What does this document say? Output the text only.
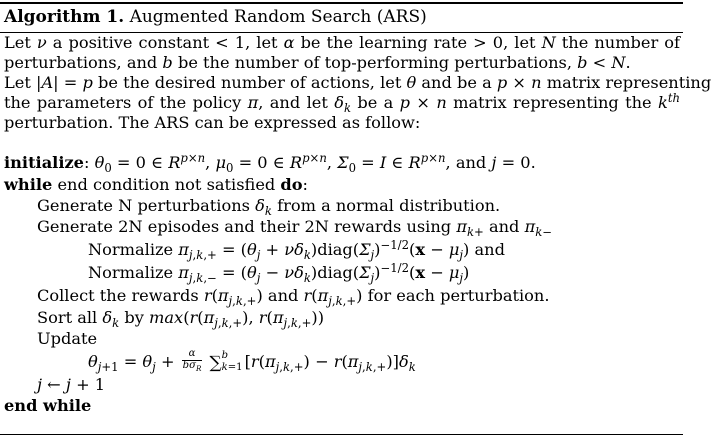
Algorithm 1. Augmented Random Search (ARS)
Let ν a positive constant < 1, let α be the learning rate > 0, let N the number of
perturbations, and b be the number of top-performing perturbations, b < N.
Let |A| = p be the desired number of actions, let θ and be a p × n matrix representing
the parameters of the policy π, and let $\delta_k$ be a p × n matrix representing the $k^{th}$
perturbation. The ARS can be expressed as follow:
initialize: $\theta_0 = 0$ ∈ $R^{p\times n}$, $\mu_0 = 0$ ∈ $R^{p\times n}$, $\Sigma_0 = I$ ∈ $R^{p\times n}$, and j = 0.
while end condition not satisfied do:
Generate N perturbations $\delta_k$ from a normal distribution.
Generate 2N episodes and their 2N rewards using $\pi_{k+}$ and $\pi_{k-}$
Normalize $\pi_{j,k,+} = (\theta_j$ + $\nu\delta_k)diag(\Sigma_j)^{-1/2}(x - \mu_j)$ and
Normalize $\pi_{j,k,-} = (\theta_j$ − $\nu\delta_k)diag(\Sigma_j)^{-1/2}(x - \mu_j)$
Collect the rewards $r(\pi_{j,k,+})$ and $r(\pi_{j,k,+})$ for each perturbation.
Sort all $\delta_k$ by $\max(r(\pi_{j,k,+})$, $r(\pi_{j,k,+})$)
Update
$\theta_{j+1} = \theta_j + \frac{\alpha}{b\sigma_R}$ ∑ b
k=1 $[r(\pi_{j,k,+}) - r(\pi_{j,k,+})]\delta_k$
j ← j + 1
end while
